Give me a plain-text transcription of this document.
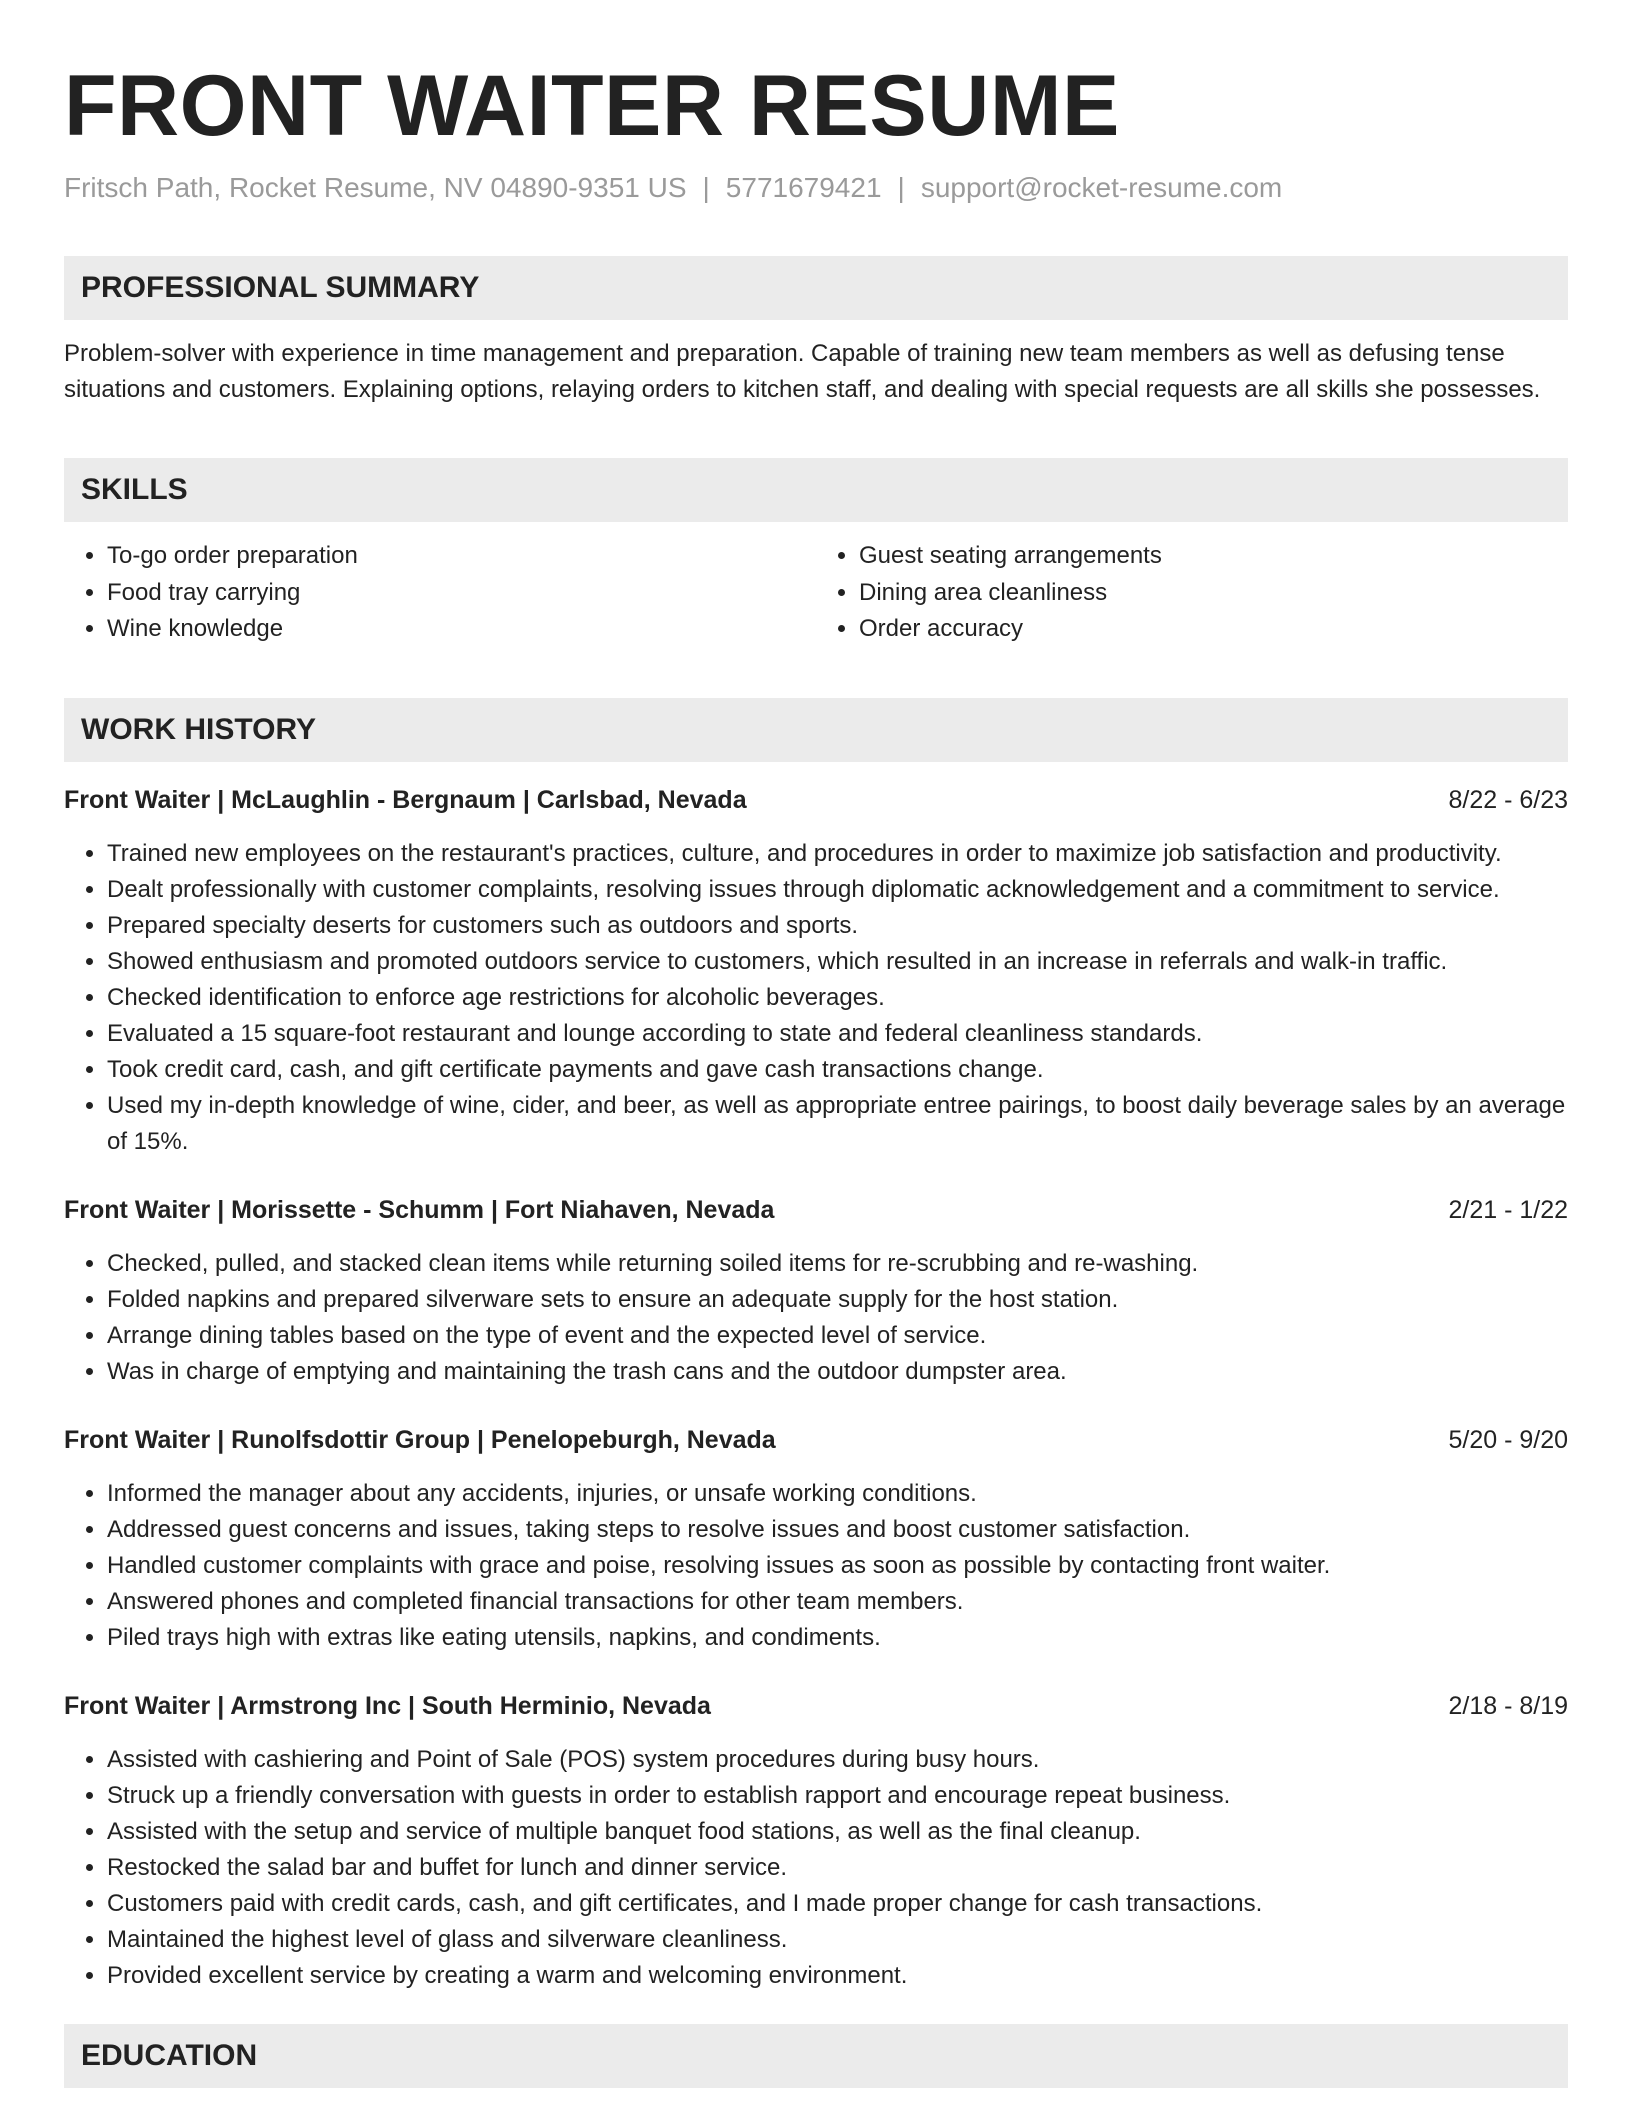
FRONT WAITER RESUME
Fritsch Path, Rocket Resume, NV 04890-9351 US | 5771679421 | support@rocket-resume.com
PROFESSIONAL SUMMARY

Problem-solver with experience in time management and preparation. Capable of training new team members as well as defusing tense situations and customers. Explaining options, relaying orders to kitchen staff, and dealing with special requests are all skills she possesses.

SKILLS
• To-go order preparation
• Food tray carrying
• Wine knowledge
• Guest seating arrangements
• Dining area cleanliness
• Order accuracy
WORK HISTORY
Front Waiter | McLaughlin - Bergnaum | Carlsbad, Nevada	8/22 - 6/23
• Trained new employees on the restaurant's practices, culture, and procedures in order to maximize job satisfaction and productivity.
• Dealt professionally with customer complaints, resolving issues through diplomatic acknowledgement and a commitment to service.
• Prepared specialty deserts for customers such as outdoors and sports.
• Showed enthusiasm and promoted outdoors service to customers, which resulted in an increase in referrals and walk-in traffic.
• Checked identification to enforce age restrictions for alcoholic beverages.
• Evaluated a 15 square-foot restaurant and lounge according to state and federal cleanliness standards.
• Took credit card, cash, and gift certificate payments and gave cash transactions change.
• Used my in-depth knowledge of wine, cider, and beer, as well as appropriate entree pairings, to boost daily beverage sales by an average of 15%.
Front Waiter | Morissette - Schumm | Fort Niahaven, Nevada	2/21 - 1/22
• Checked, pulled, and stacked clean items while returning soiled items for re-scrubbing and re-washing.
• Folded napkins and prepared silverware sets to ensure an adequate supply for the host station.
• Arrange dining tables based on the type of event and the expected level of service.
• Was in charge of emptying and maintaining the trash cans and the outdoor dumpster area.
Front Waiter | Runolfsdottir Group | Penelopeburgh, Nevada	5/20 - 9/20
• Informed the manager about any accidents, injuries, or unsafe working conditions.
• Addressed guest concerns and issues, taking steps to resolve issues and boost customer satisfaction.
• Handled customer complaints with grace and poise, resolving issues as soon as possible by contacting front waiter.
• Answered phones and completed financial transactions for other team members.
• Piled trays high with extras like eating utensils, napkins, and condiments.
Front Waiter | Armstrong Inc | South Herminio, Nevada	2/18 - 8/19
• Assisted with cashiering and Point of Sale (POS) system procedures during busy hours.
• Struck up a friendly conversation with guests in order to establish rapport and encourage repeat business.
• Assisted with the setup and service of multiple banquet food stations, as well as the final cleanup.
• Restocked the salad bar and buffet for lunch and dinner service.
• Customers paid with credit cards, cash, and gift certificates, and I made proper change for cash transactions.
• Maintained the highest level of glass and silverware cleanliness.
• Provided excellent service by creating a warm and welcoming environment.
EDUCATION
